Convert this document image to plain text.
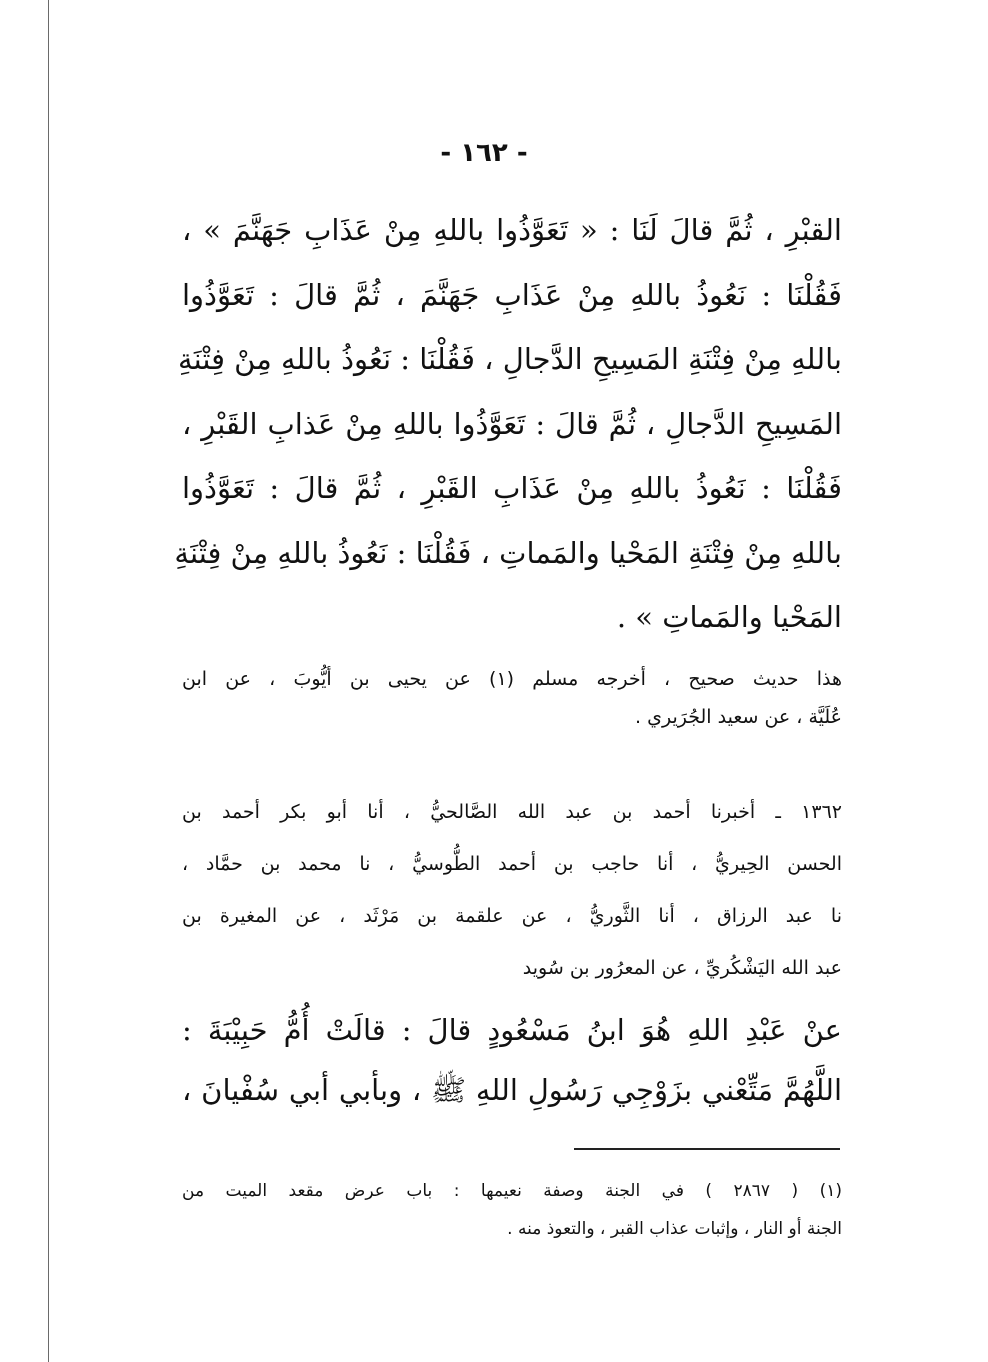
- ١٦٢ -
القبْرِ ، ثُمَّ قالَ لَنَا : « تَعَوَّذُوا باللهِ مِنْ عَذَابِ جَهَنَّمَ » ،
فَقُلْنَا : نَعُوذُ باللهِ مِنْ عَذَابِ جَهَنَّمَ ، ثُمَّ قالَ : تَعَوَّذُوا
باللهِ مِنْ فِتْنَةِ المَسِيحِ الدَّجالِ ، فَقُلْنَا : نَعُوذُ باللهِ مِنْ فِتْنَةِ
المَسِيحِ الدَّجالِ ، ثُمَّ قالَ : تَعَوَّذُوا باللهِ مِنْ عَذابِ القَبْرِ ،
فَقُلْنَا : نَعُوذُ باللهِ مِنْ عَذَابِ القَبْرِ ، ثُمَّ قالَ : تَعَوَّذُوا
باللهِ مِنْ فِتْنَةِ المَحْيا والمَماتِ ، فَقُلْنَا : نَعُوذُ باللهِ مِنْ فِتْنَةِ
المَحْيا والمَماتِ » .
هذا حديث صحيح ، أخرجه مسلم (١) عن يحيى بن أيُّوبَ ، عن ابن
عُلَيَّة ، عن سعيد الجُرَيري .
١٣٦٢ ـ أخبرنا أحمد بن عبد الله الصَّالحيُّ ، أنا أبو بكر أحمد بن
الحسن الحِيريُّ ، أنا حاجب بن أحمد الطُّوسيُّ ، نا محمد بن حمَّاد ،
نا عبد الرزاق ، أنا الثَّوريُّ ، عن علقمة بن مَرْثَد ، عن المغيرة بن
عبد الله اليَشْكُريِّ ، عن المعرُور بن سُويد
عنْ عَبْدِ اللهِ هُوَ ابنُ مَسْعُودٍ قالَ : قالَتْ أُمُّ حَبِيْبَةَ :
اللَّهُمَّ مَتِّعْني بزَوْجِي رَسُولِ اللهِ ﷺ ، وبأبي أبي سُفْيانَ ،
(١) ( ٢٨٦٧ ) في الجنة وصفة نعيمها : باب عرض مقعد الميت من
الجنة أو النار ، وإثبات عذاب القبر ، والتعوذ منه .
